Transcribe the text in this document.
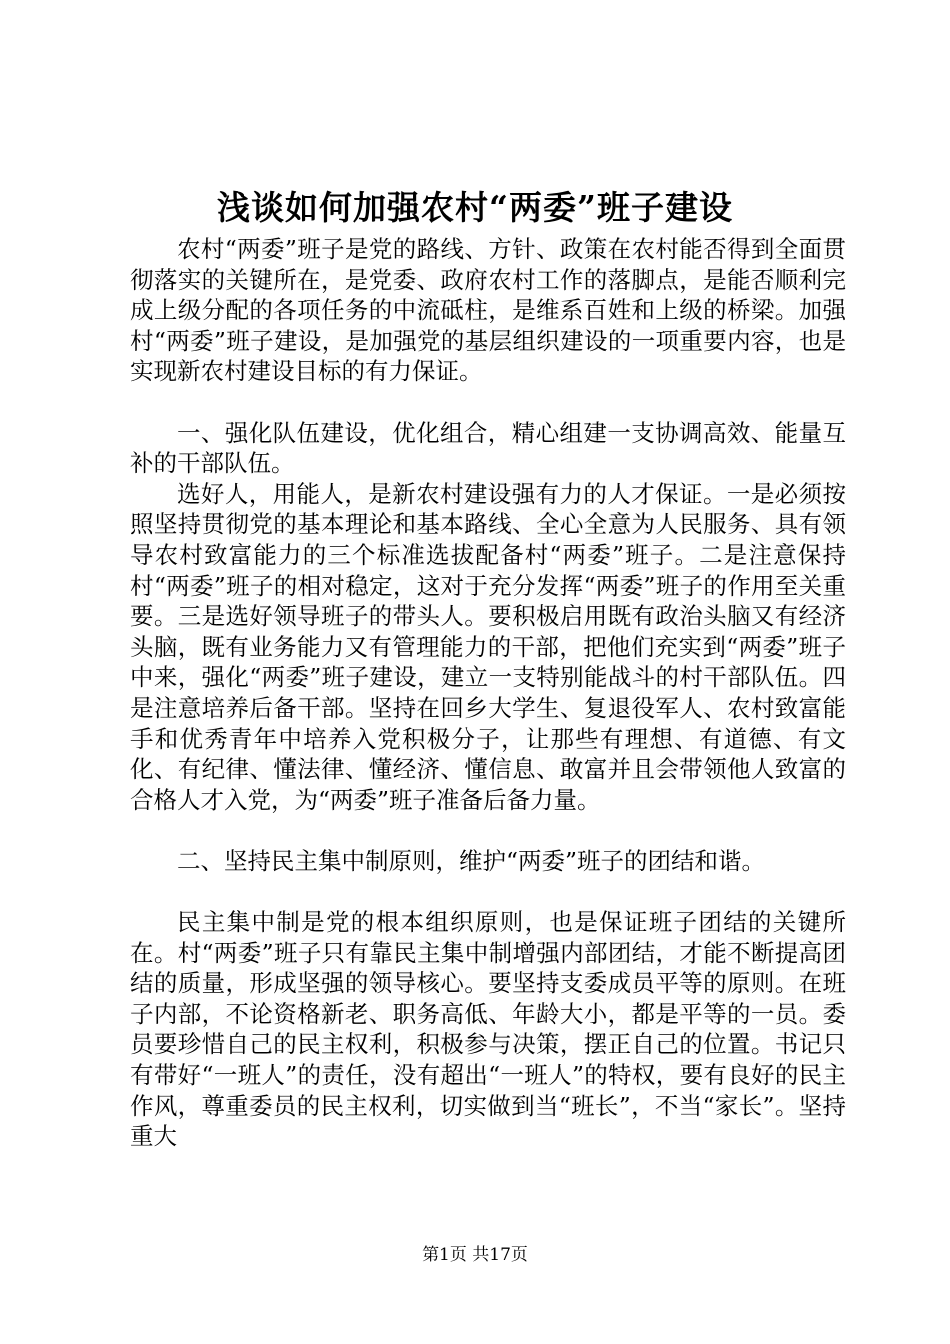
浅谈如何加强农村“两委”班子建设

农村“两委”班子是党的路线、方针、政策在农村能否得到全面贯彻落实的关键所在，是党委、政府农村工作的落脚点，是能否顺利完成上级分配的各项任务的中流砥柱，是维系百姓和上级的桥梁。加强村“两委”班子建设，是加强党的基层组织建设的一项重要内容，也是实现新农村建设目标的有力保证。

一、强化队伍建设，优化组合，精心组建一支协调高效、能量互补的干部队伍。

选好人，用能人，是新农村建设强有力的人才保证。一是必须按照坚持贯彻党的基本理论和基本路线、全心全意为人民服务、具有领导农村致富能力的三个标准选拔配备村“两委”班子。二是注意保持村“两委”班子的相对稳定，这对于充分发挥“两委”班子的作用至关重要。三是选好领导班子的带头人。要积极启用既有政治头脑又有经济头脑，既有业务能力又有管理能力的干部，把他们充实到“两委”班子中来，强化“两委”班子建设，建立一支特别能战斗的村干部队伍。四是注意培养后备干部。坚持在回乡大学生、复退役军人、农村致富能手和优秀青年中培养入党积极分子，让那些有理想、有道德、有文化、有纪律、懂法律、懂经济、懂信息、敢富并且会带领他人致富的合格人才入党，为“两委”班子准备后备力量。

二、坚持民主集中制原则，维护“两委”班子的团结和谐。

民主集中制是党的根本组织原则，也是保证班子团结的关键所在。村“两委”班子只有靠民主集中制增强内部团结，才能不断提高团结的质量，形成坚强的领导核心。要坚持支委成员平等的原则。在班子内部，不论资格新老、职务高低、年龄大小，都是平等的一员。委员要珍惜自己的民主权利，积极参与决策，摆正自己的位置。书记只有带好“一班人”的责任，没有超出“一班人”的特权，要有良好的民主作风，尊重委员的民主权利，切实做到当“班长”，不当“家长”。坚持重大

第1页 共17页
